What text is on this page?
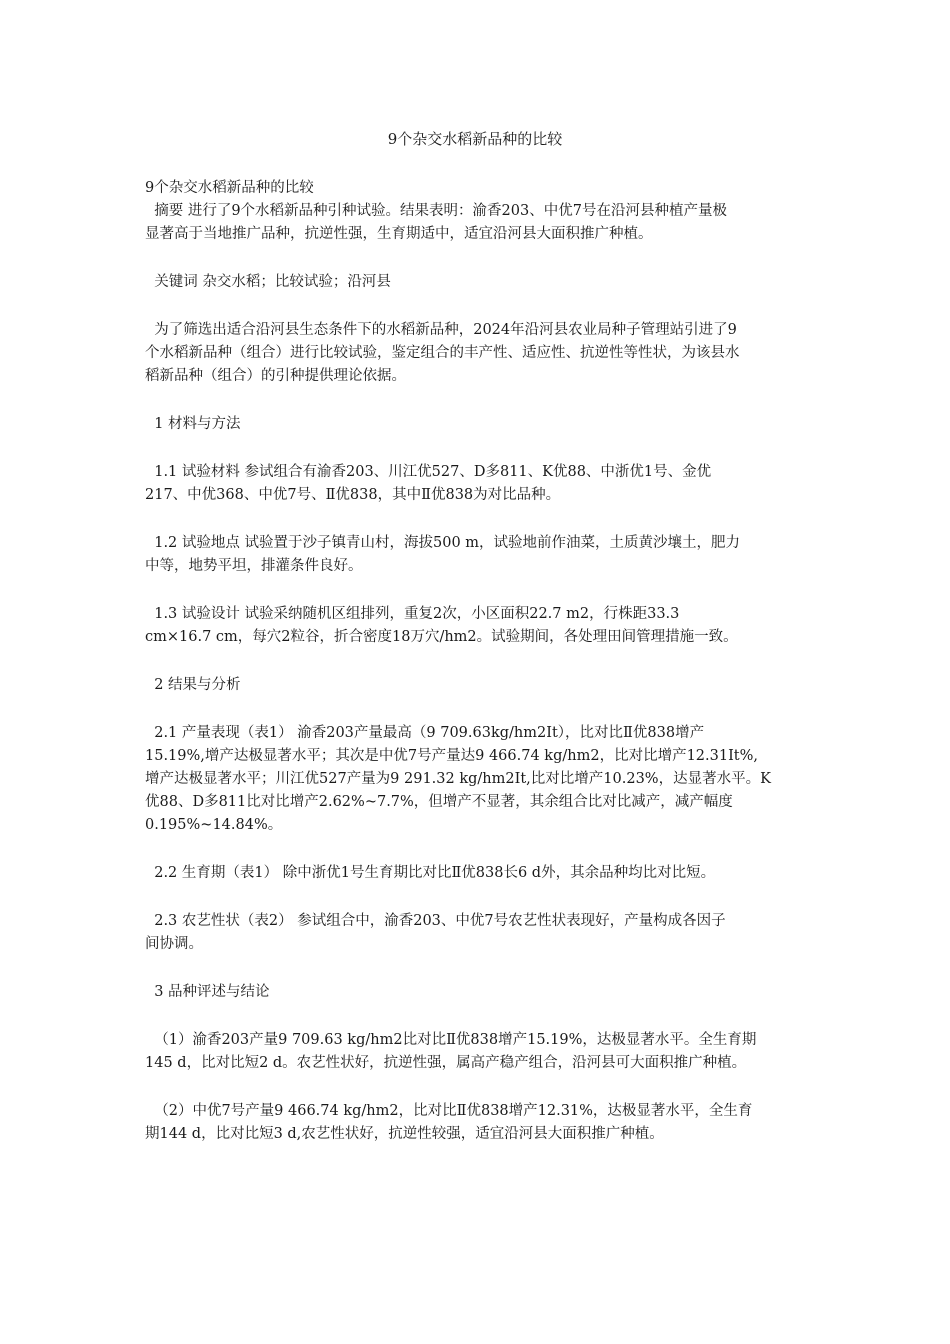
9个杂交水稻新品种的比较

9个杂交水稻新品种的比较

摘要 进行了9个水稻新品种引种试验。结果表明：渝香203、中优7号在沿河县种植产量极

显著高于当地推广品种，抗逆性强，生育期适中，适宜沿河县大面积推广种植。

关键词 杂交水稻；比较试验；沿河县

为了筛选出适合沿河县生态条件下的水稻新品种，2024年沿河县农业局种子管理站引进了9

个水稻新品种（组合）进行比较试验，鉴定组合的丰产性、适应性、抗逆性等性状，为该县水

稻新品种（组合）的引种提供理论依据。

1 材料与方法

1.1 试验材料 参试组合有渝香203、川江优527、D多811、K优88、中浙优1号、金优

217、中优368、中优7号、Ⅱ优838，其中Ⅱ优838为对比品种。

1.2 试验地点 试验置于沙子镇青山村，海拔500 m，试验地前作油菜，土质黄沙壤土，肥力

中等，地势平坦，排灌条件良好。

1.3 试验设计 试验采纳随机区组排列，重复2次，小区面积22.7 m2，行株距33.3

cm×16.7 cm，每穴2粒谷，折合密度18万穴/hm2。试验期间，各处理田间管理措施一致。

2 结果与分析

2.1 产量表现（表1） 渝香203产量最高（9 709.63kg/hm2Ⅰt），比对比Ⅱ优838增产

15.19%,增产达极显著水平；其次是中优7号产量达9 466.74 kg/hm2，比对比增产12.31Ⅰt%,

增产达极显著水平；川江优527产量为9 291.32 kg/hm2Ⅰt,比对比增产10.23%，达显著水平。K

优88、D多811比对比增产2.62%~7.7%，但增产不显著，其余组合比对比减产，减产幅度

0.195%~14.84%。

2.2 生育期（表1） 除中浙优1号生育期比对比Ⅱ优838长6 d外，其余品种均比对比短。

2.3 农艺性状（表2） 参试组合中，渝香203、中优7号农艺性状表现好，产量构成各因子

间协调。

3 品种评述与结论

（1）渝香203产量9 709.63 kg/hm2比对比Ⅱ优838增产15.19%，达极显著水平。全生育期

145 d，比对比短2 d。农艺性状好，抗逆性强，属高产稳产组合，沿河县可大面积推广种植。

（2）中优7号产量9 466.74 kg/hm2，比对比Ⅱ优838增产12.31%，达极显著水平，全生育

期144 d，比对比短3 d,农艺性状好，抗逆性较强，适宜沿河县大面积推广种植。
